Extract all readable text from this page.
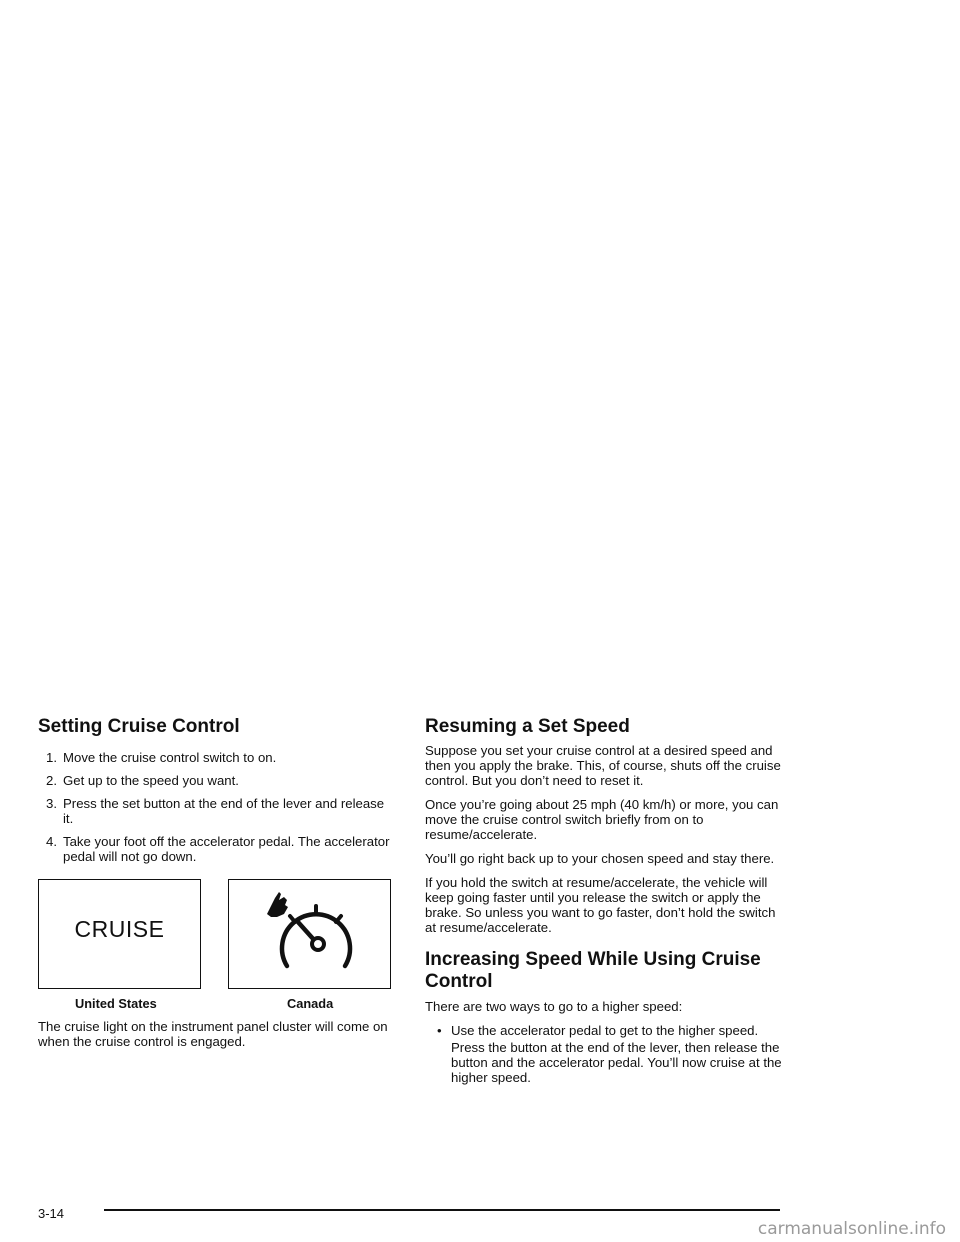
Setting Cruise Control
1. Move the cruise control switch to on.
2. Get up to the speed you want.
3. Press the set button at the end of the lever and release it.
4. Take your foot off the accelerator pedal. The accelerator pedal will not go down.
CRUISE
United States	Canada

The cruise light on the instrument panel cluster will come on when the cruise control is engaged.

Resuming a Set Speed

Suppose you set your cruise control at a desired speed and then you apply the brake. This, of course, shuts off the cruise control. But you don’t need to reset it.

Once you’re going about 25 mph (40 km/h) or more, you can move the cruise control switch briefly from on to resume/accelerate.

You’ll go right back up to your chosen speed and stay there.

If you hold the switch at resume/accelerate, the vehicle will keep going faster until you release the switch or apply the brake. So unless you want to go faster, don’t hold the switch at resume/accelerate.

Increasing Speed While Using Cruise Control

There are two ways to go to a higher speed:

• Use the accelerator pedal to get to the higher speed.

Press the button at the end of the lever, then release the button and the accelerator pedal. You’ll now cruise at the higher speed.

3-14
carmanualsonline.info
